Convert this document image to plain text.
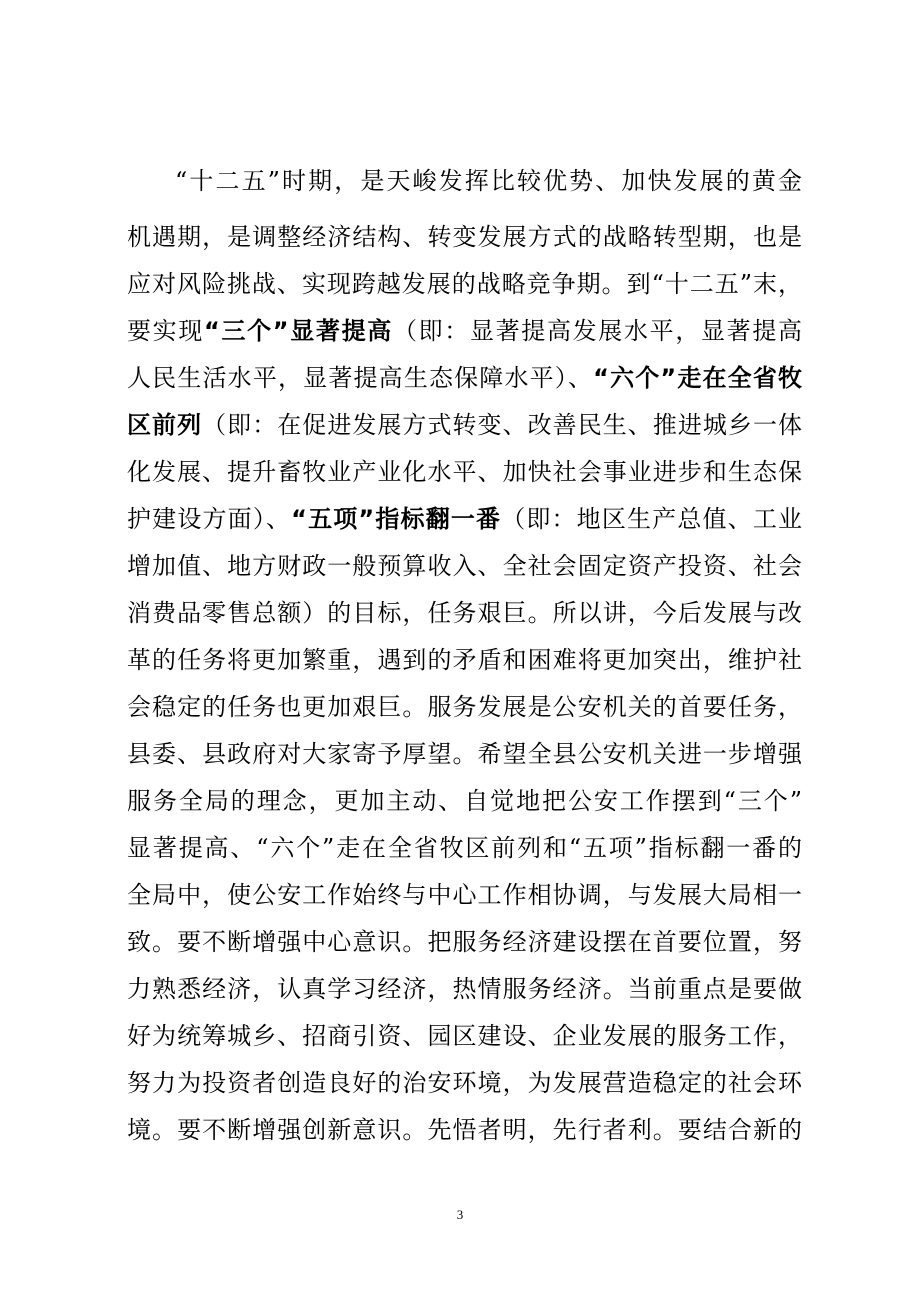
“十二五”时期，是天峻发挥比较优势、加快发展的黄金
机遇期，是调整经济结构、转变发展方式的战略转型期，也是
应对风险挑战、实现跨越发展的战略竞争期。到“十二五”末，
要实现“三个”显著提高（即：显著提高发展水平，显著提高
人民生活水平，显著提高生态保障水平）、“六个”走在全省牧
区前列（即：在促进发展方式转变、改善民生、推进城乡一体
化发展、提升畜牧业产业化水平、加快社会事业进步和生态保
护建设方面）、“五项”指标翻一番（即：地区生产总值、工业
增加值、地方财政一般预算收入、全社会固定资产投资、社会
消费品零售总额）的目标，任务艰巨。所以讲，今后发展与改
革的任务将更加繁重，遇到的矛盾和困难将更加突出，维护社
会稳定的任务也更加艰巨。服务发展是公安机关的首要任务，
县委、县政府对大家寄予厚望。希望全县公安机关进一步增强
服务全局的理念，更加主动、自觉地把公安工作摆到“三个”
显著提高、“六个”走在全省牧区前列和“五项”指标翻一番的
全局中，使公安工作始终与中心工作相协调，与发展大局相一
致。要不断增强中心意识。把服务经济建设摆在首要位置，努
力熟悉经济，认真学习经济，热情服务经济。当前重点是要做
好为统筹城乡、招商引资、园区建设、企业发展的服务工作，
努力为投资者创造良好的治安环境，为发展营造稳定的社会环
境。要不断增强创新意识。先悟者明，先行者利。要结合新的
3
